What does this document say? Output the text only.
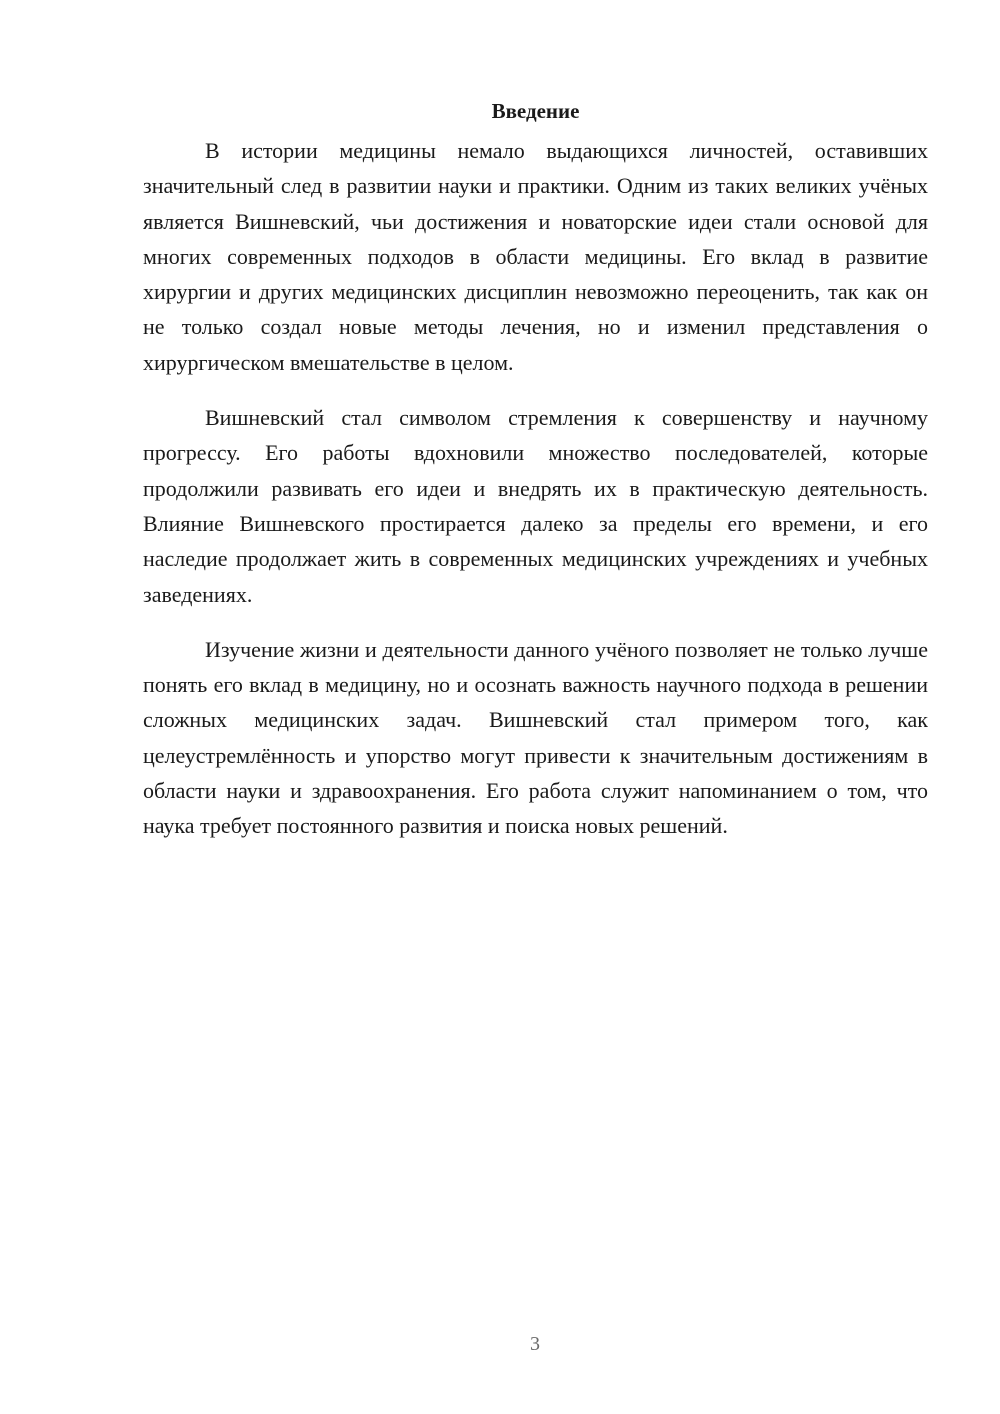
Введение

В истории медицины немало выдающихся личностей, оставивших значительный след в развитии науки и практики. Одним из таких великих учёных является Вишневский, чьи достижения и новаторские идеи стали основой для многих современных подходов в области медицины. Его вклад в развитие хирургии и других медицинских дисциплин невозможно переоценить, так как он не только создал новые методы лечения, но и изменил представления о хирургическом вмешательстве в целом.

Вишневский стал символом стремления к совершенству и научному прогрессу. Его работы вдохновили множество последователей, которые продолжили развивать его идеи и внедрять их в практическую деятельность. Влияние Вишневского простирается далеко за пределы его времени, и его наследие продолжает жить в современных медицинских учреждениях и учебных заведениях.

Изучение жизни и деятельности данного учёного позволяет не только лучше понять его вклад в медицину, но и осознать важность научного подхода в решении сложных медицинских задач. Вишневский стал примером того, как целеустремлённость и упорство могут привести к значительным достижениям в области науки и здравоохранения. Его работа служит напоминанием о том, что наука требует постоянного развития и поиска новых решений.

3
